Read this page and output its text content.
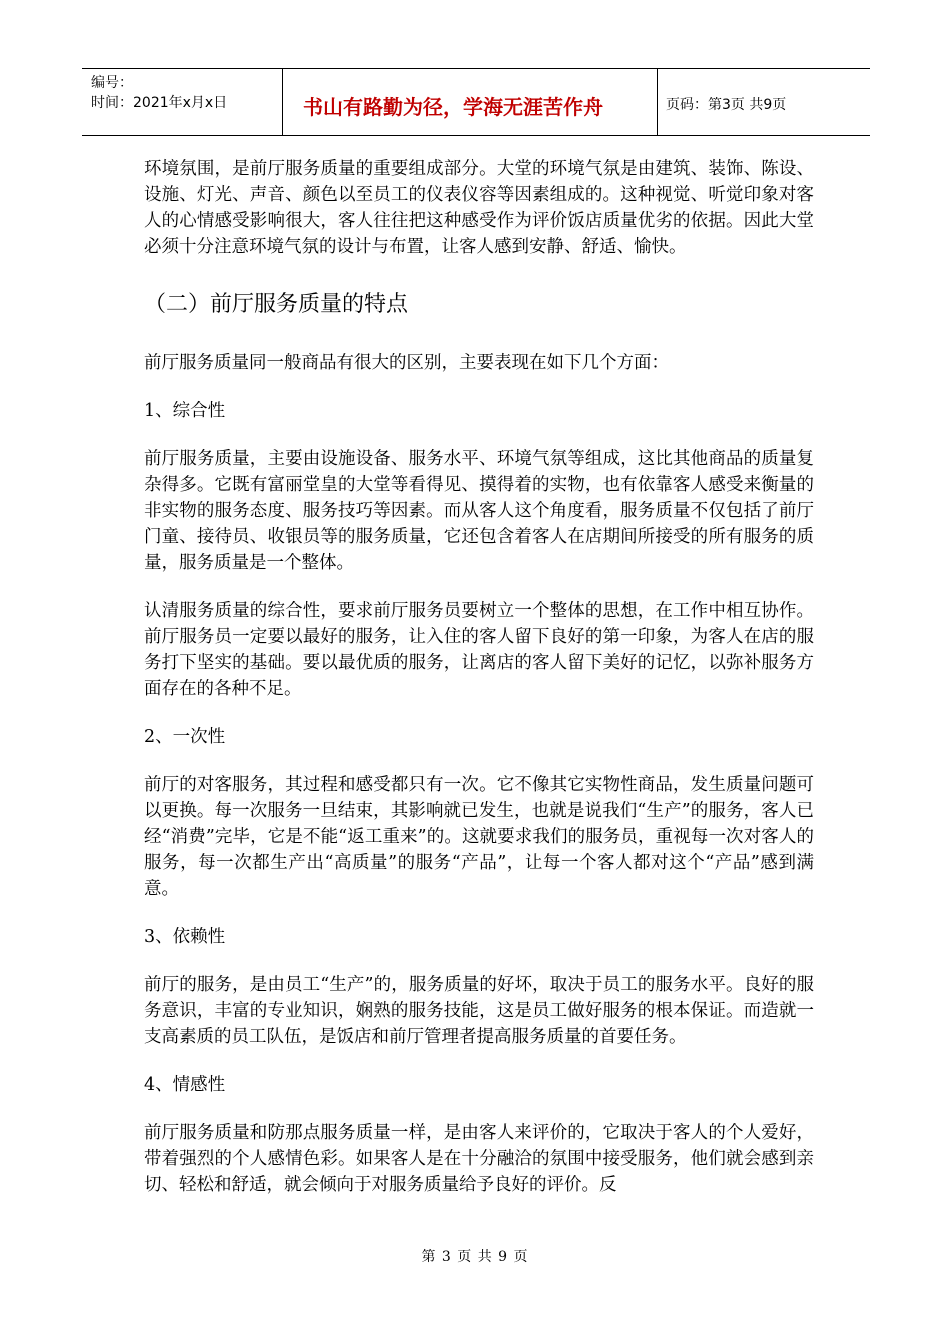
编号：
时间：2021年x月x日	书山有路勤为径，学海无涯苦作舟	页码：第3页 共9页

环境氛围，是前厅服务质量的重要组成部分。大堂的环境气氛是由建筑、装饰、陈设、设施、灯光、声音、颜色以至员工的仪表仪容等因素组成的。这种视觉、听觉印象对客人的心情感受影响很大，客人往往把这种感受作为评价饭店质量优劣的依据。因此大堂必须十分注意环境气氛的设计与布置，让客人感到安静、舒适、愉快。

（二）前厅服务质量的特点

前厅服务质量同一般商品有很大的区别，主要表现在如下几个方面：

1、综合性

前厅服务质量，主要由设施设备、服务水平、环境气氛等组成，这比其他商品的质量复杂得多。它既有富丽堂皇的大堂等看得见、摸得着的实物，也有依靠客人感受来衡量的非实物的服务态度、服务技巧等因素。而从客人这个角度看，服务质量不仅包括了前厅门童、接待员、收银员等的服务质量，它还包含着客人在店期间所接受的所有服务的质量，服务质量是一个整体。

认清服务质量的综合性，要求前厅服务员要树立一个整体的思想，在工作中相互协作。前厅服务员一定要以最好的服务，让入住的客人留下良好的第一印象，为客人在店的服务打下坚实的基础。要以最优质的服务，让离店的客人留下美好的记忆，以弥补服务方面存在的各种不足。

2、一次性

前厅的对客服务，其过程和感受都只有一次。它不像其它实物性商品，发生质量问题可以更换。每一次服务一旦结束，其影响就已发生，也就是说我们“生产”的服务，客人已经“消费”完毕，它是不能“返工重来”的。这就要求我们的服务员，重视每一次对客人的服务，每一次都生产出“高质量”的服务“产品”，让每一个客人都对这个“产品”感到满意。

3、依赖性

前厅的服务，是由员工“生产”的，服务质量的好坏，取决于员工的服务水平。良好的服务意识，丰富的专业知识，娴熟的服务技能，这是员工做好服务的根本保证。而造就一支高素质的员工队伍，是饭店和前厅管理者提高服务质量的首要任务。

4、情感性

前厅服务质量和防那点服务质量一样，是由客人来评价的，它取决于客人的个人爱好，带着强烈的个人感情色彩。如果客人是在十分融洽的氛围中接受服务，他们就会感到亲切、轻松和舒适，就会倾向于对服务质量给予良好的评价。反

第 3 页 共 9 页
